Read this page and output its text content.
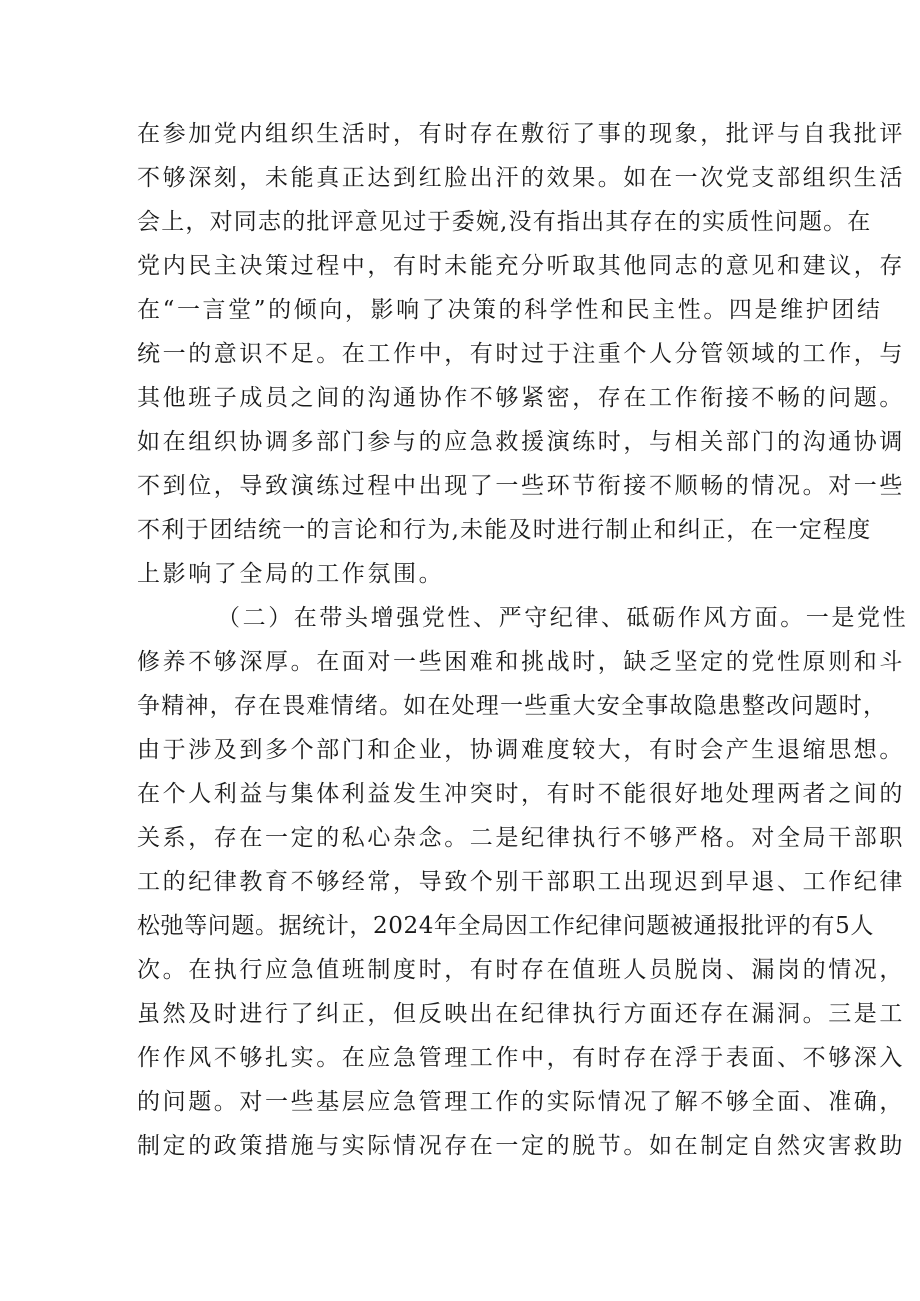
在参加党内组织生活时，有时存在敷衍了事的现象，批评与自我批评
不够深刻，未能真正达到红脸出汗的效果。如在一次党支部组织生活
会上，对同志的批评意见过于委婉,没有指出其存在的实质性问题。在
党内民主决策过程中，有时未能充分听取其他同志的意见和建议，存
在“一言堂”的倾向，影响了决策的科学性和民主性。四是维护团结
统一的意识不足。在工作中，有时过于注重个人分管领域的工作，与
其他班子成员之间的沟通协作不够紧密，存在工作衔接不畅的问题。
如在组织协调多部门参与的应急救援演练时，与相关部门的沟通协调
不到位，导致演练过程中出现了一些环节衔接不顺畅的情况。对一些
不利于团结统一的言论和行为,未能及时进行制止和纠正，在一定程度
上影响了全局的工作氛围。
（二）在带头增强党性、严守纪律、砥砺作风方面。一是党性
修养不够深厚。在面对一些困难和挑战时，缺乏坚定的党性原则和斗
争精神，存在畏难情绪。如在处理一些重大安全事故隐患整改问题时，
由于涉及到多个部门和企业，协调难度较大，有时会产生退缩思想。
在个人利益与集体利益发生冲突时，有时不能很好地处理两者之间的
关系，存在一定的私心杂念。二是纪律执行不够严格。对全局干部职
工的纪律教育不够经常，导致个别干部职工出现迟到早退、工作纪律
松弛等问题。据统计，2024年全局因工作纪律问题被通报批评的有5人
次。在执行应急值班制度时，有时存在值班人员脱岗、漏岗的情况，
虽然及时进行了纠正，但反映出在纪律执行方面还存在漏洞。三是工
作作风不够扎实。在应急管理工作中，有时存在浮于表面、不够深入
的问题。对一些基层应急管理工作的实际情况了解不够全面、准确，
制定的政策措施与实际情况存在一定的脱节。如在制定自然灾害救助
